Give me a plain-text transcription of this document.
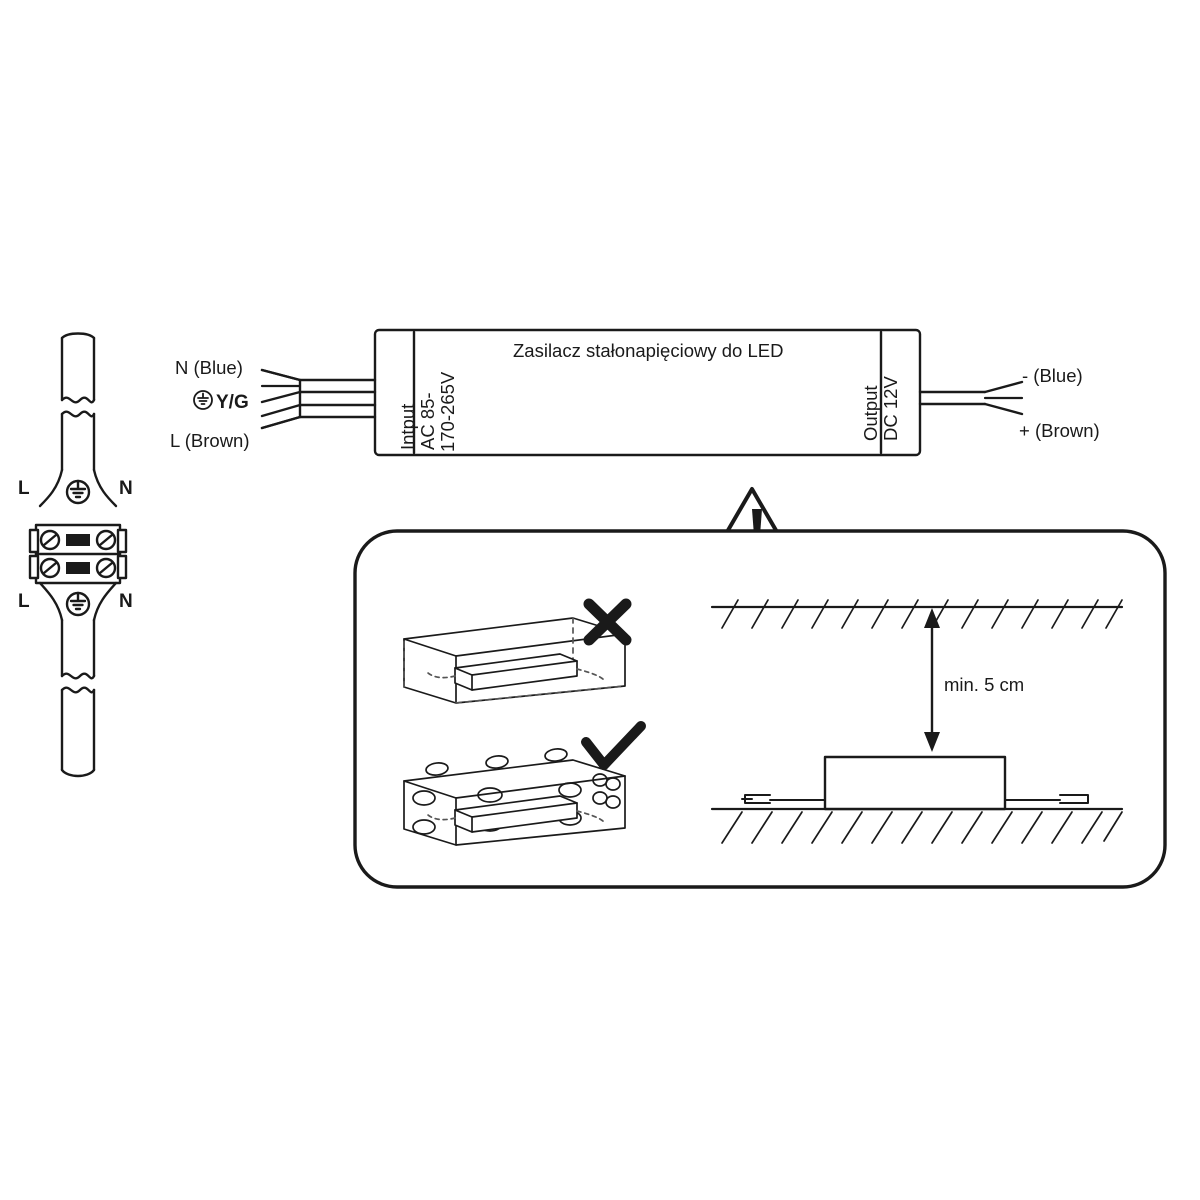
Zasilacz stałonapięciowy do LED
Intput AC 85- 170-265V	Output DC 12V
N (Blue)
Y/G
L (Brown)
- (Blue)
+ (Brown)
L	N
L	N
min. 5 cm
